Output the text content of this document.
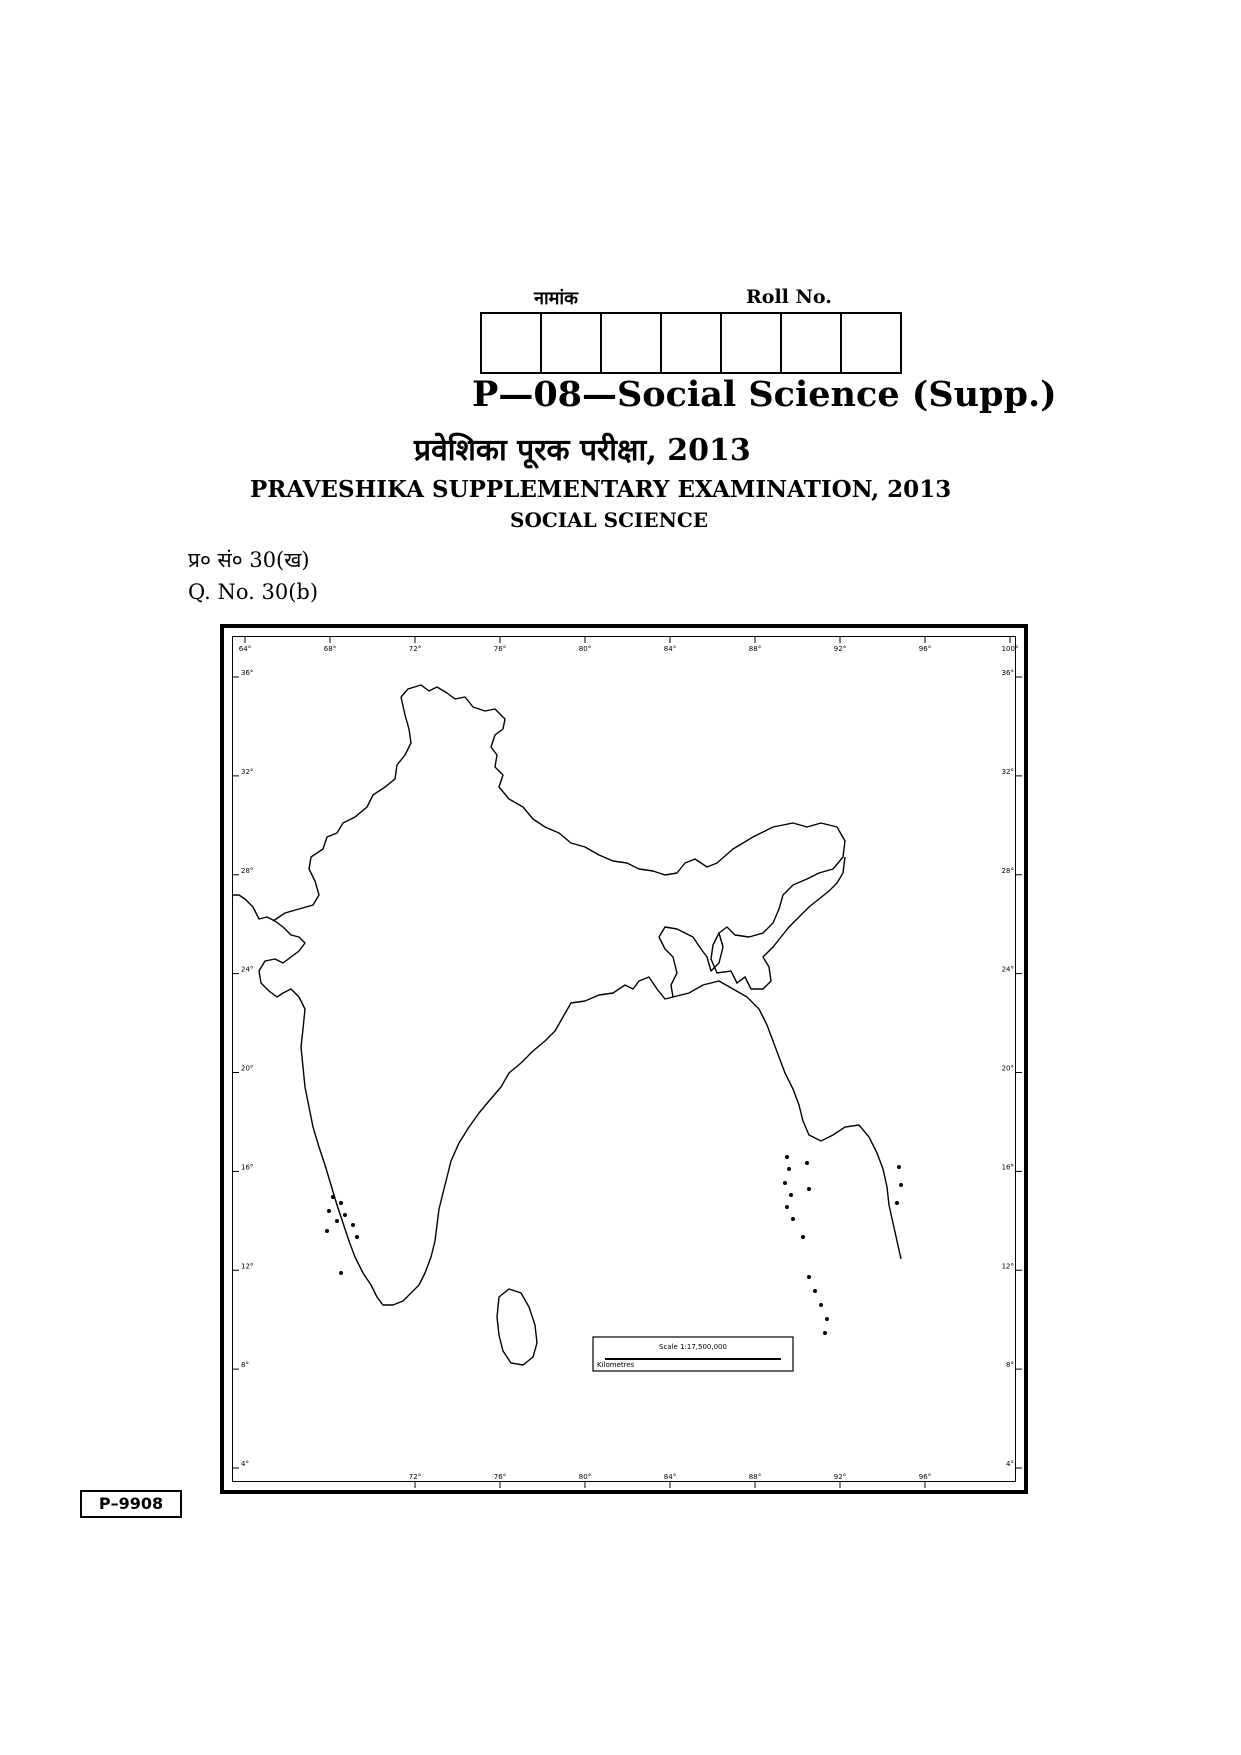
नामांक	Roll No.
P—08—Social Science (Supp.)
प्रवेशिका पूरक परीक्षा, 2013
PRAVESHIKA SUPPLEMENTARY EXAMINATION, 2013
SOCIAL SCIENCE
प्र० सं० 30(ख)
Q. No. 30(b)
64°	68°	72°	76°	80°	84°	88°	92°	96°	100°
72°	76°	80°	84°	88°	92°	96°
36°
32°
28°
24°
20°
16°
12°
8°
4°
36°
32°
28°
24°
20°
16°
12°
8°
4°
Scale 1:17,500,000
Kilometres
P–9908
